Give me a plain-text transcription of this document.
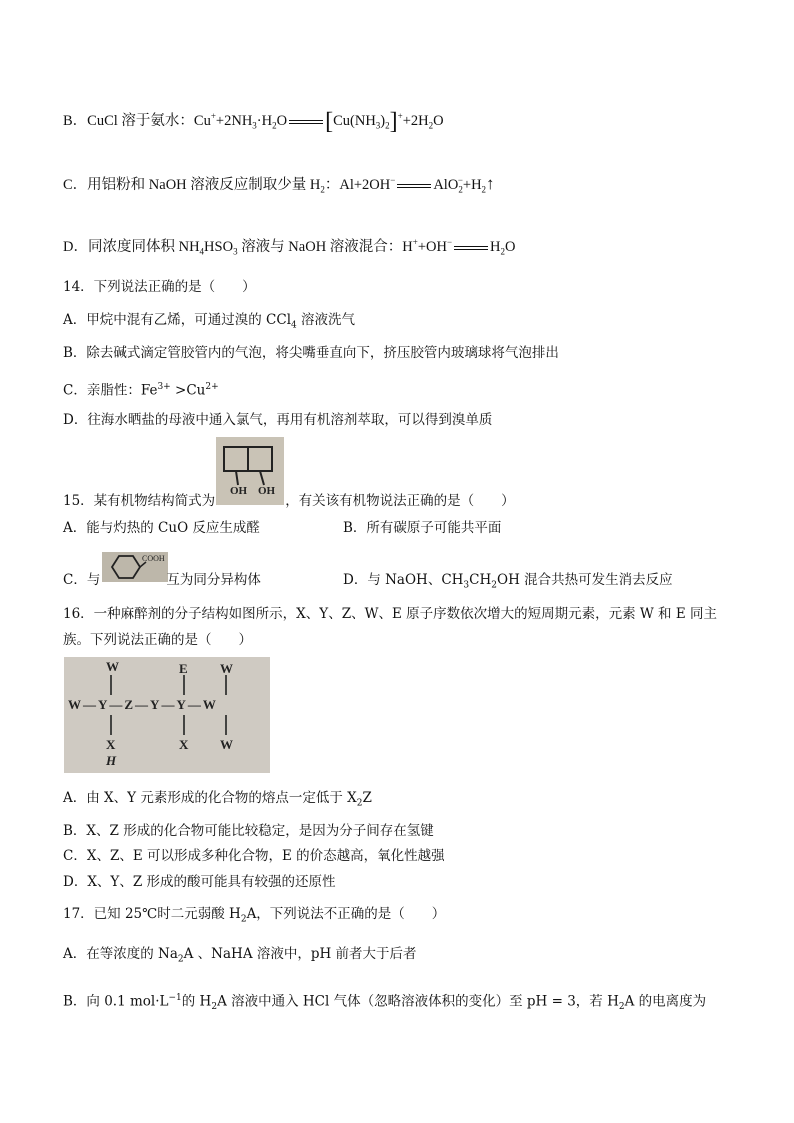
B．CuCl 溶于氨水：$Cu^++2NH_3\cdot H_2O$ $[Cu(NH_3)_2]^++2H_2O$
C．用铝粉和 NaOH 溶液反应制取少量 $H_2$：Al+2OH−	$AlO_2^-+H_2↑$
D．同浓度同体积 $NH_4HSO_3$ 溶液与 NaOH 溶液混合：H++OH−	$H_2O$
14．下列说法正确的是（　　）
A．甲烷中混有乙烯，可通过溴的 CCl$_4$ 溶液洗气
B．除去碱式滴定管胶管内的气泡，将尖嘴垂直向下，挤压胶管内玻璃球将气泡排出
C．亲脂性：$Fe^{3+} >Cu^{2+}$
D．往海水晒盐的母液中通入氯气，再用有机溶剂萃取，可以得到溴单质
OH OH
15．某有机物结构简式为	，有关该有机物说法正确的是（　　）
A．能与灼热的 CuO 反应生成醛	B．所有碳原子可能共平面
COOH
C．与	互为同分异构体	D．与 NaOH、$CH_3CH_2OH$ 混合共热可发生消去反应
16．一种麻醉剂的分子结构如图所示，X、Y、Z、W、E 原子序数依次增大的短周期元素，元素 W 和 E 同主
族。下列说法正确的是（　　）
W	E W
W—Y—Z—Y—Y—W
X
H
X W
A．由 X、Y 元素形成的化合物的熔点一定低于 $X_2Z$
B．X、Z 形成的化合物可能比较稳定，是因为分子间存在氢键
C．X、Z、E 可以形成多种化合物，E 的价态越高，氧化性越强
D．X、Y、Z 形成的酸可能具有较强的还原性
17．已知 25℃时二元弱酸 $H_2A$，下列说法不正确的是（　　）
A．在等浓度的 $Na_2A$ 、NaHA 溶液中，pH 前者大于后者
B．向 0.1 $mol\cdot L^{-1}$的 $H_2A$ 溶液中通入 HCl 气体（忽略溶液体积的变化）至 pH = 3，若 $H_2A$ 的电离度为
